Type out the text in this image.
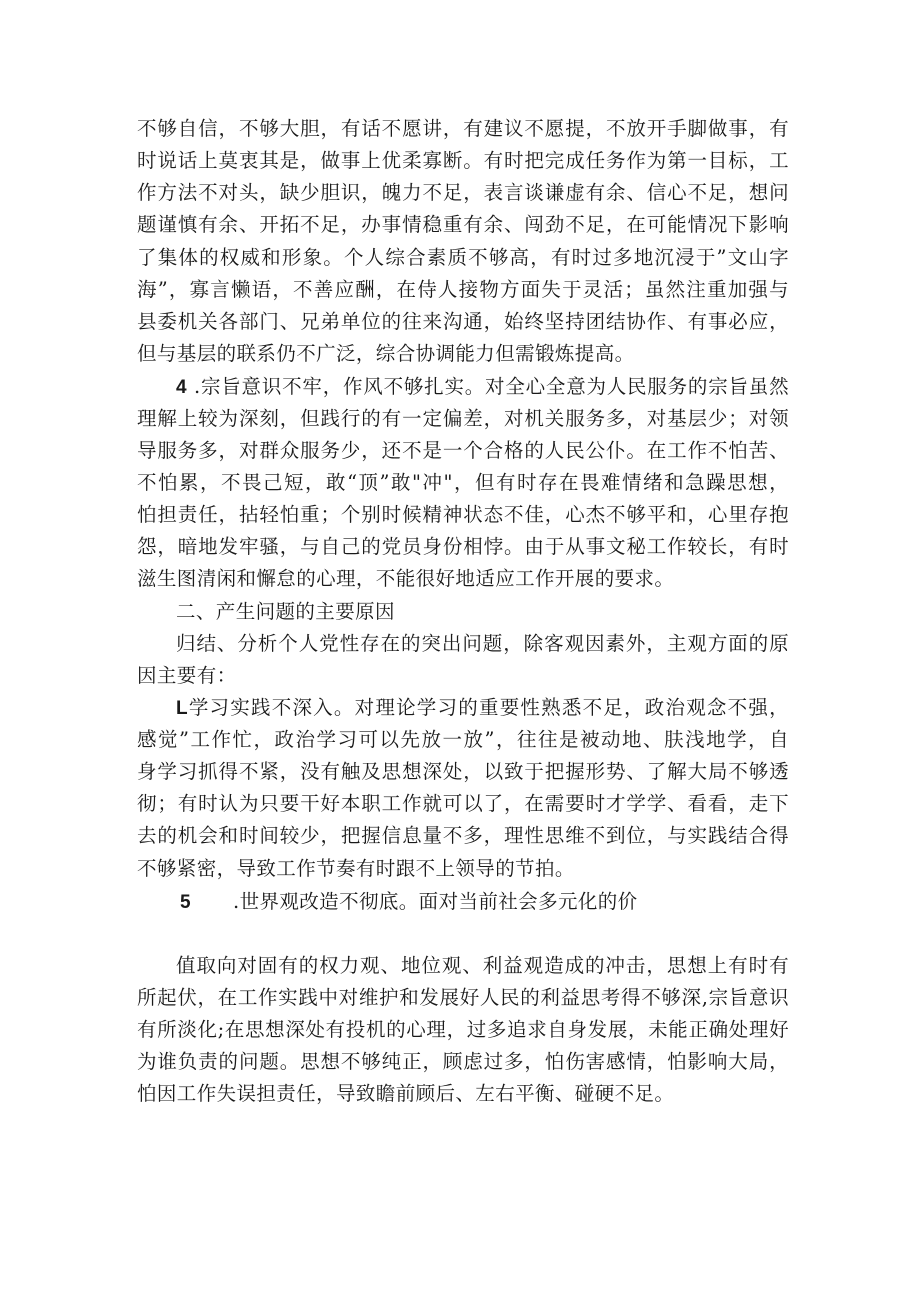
不够自信，不够大胆，有话不愿讲，有建议不愿提，不放开手脚做事，有
时说话上莫衷其是，做事上优柔寡断。有时把完成任务作为第一目标，工
作方法不对头，缺少胆识，魄力不足，表言谈谦虚有余、信心不足，想问
题谨慎有余、开拓不足，办事情稳重有余、闯劲不足，在可能情况下影响
了集体的权威和形象。个人综合素质不够高，有时过多地沉浸于”文山字
海”，寡言懒语，不善应酬，在侍人接物方面失于灵活；虽然注重加强与
县委机关各部门、兄弟单位的往来沟通，始终坚持团结协作、有事必应，
但与基层的联系仍不广泛，综合协调能力但需锻炼提高。
4 .宗旨意识不牢，作风不够扎实。对全心全意为人民服务的宗旨虽然
理解上较为深刻，但践行的有一定偏差，对机关服务多，对基层少；对领
导服务多，对群众服务少，还不是一个合格的人民公仆。在工作不怕苦、
不怕累，不畏己短，敢“顶”敢"冲"，但有时存在畏难情绪和急躁思想，
怕担责任，拈轻怕重；个别时候精神状态不佳，心杰不够平和，心里存抱
怨，暗地发牢骚，与自己的党员身份相悖。由于从事文秘工作较长，有时
滋生图清闲和懈怠的心理，不能很好地适应工作开展的要求。
二、产生问题的主要原因
归结、分析个人党性存在的突出问题，除客观因素外，主观方面的原
因主要有：
L学习实践不深入。对理论学习的重要性熟悉不足，政治观念不强，
感觉”工作忙，政治学习可以先放一放”，往往是被动地、肤浅地学，自
身学习抓得不紧，没有触及思想深处，以致于把握形势、了解大局不够透
彻；有时认为只要干好本职工作就可以了，在需要时才学学、看看，走下
去的机会和时间较少，把握信息量不多，理性思维不到位，与实践结合得
不够紧密，导致工作节奏有时跟不上领导的节拍。
5 .世界观改造不彻底。面对当前社会多元化的价
值取向对固有的权力观、地位观、利益观造成的冲击，思想上有时有
所起伏，在工作实践中对维护和发展好人民的利益思考得不够深,宗旨意识
有所淡化;在思想深处有投机的心理，过多追求自身发展，未能正确处理好
为谁负责的问题。思想不够纯正，顾虑过多，怕伤害感情，怕影响大局，
怕因工作失误担责任，导致瞻前顾后、左右平衡、碰硬不足。
